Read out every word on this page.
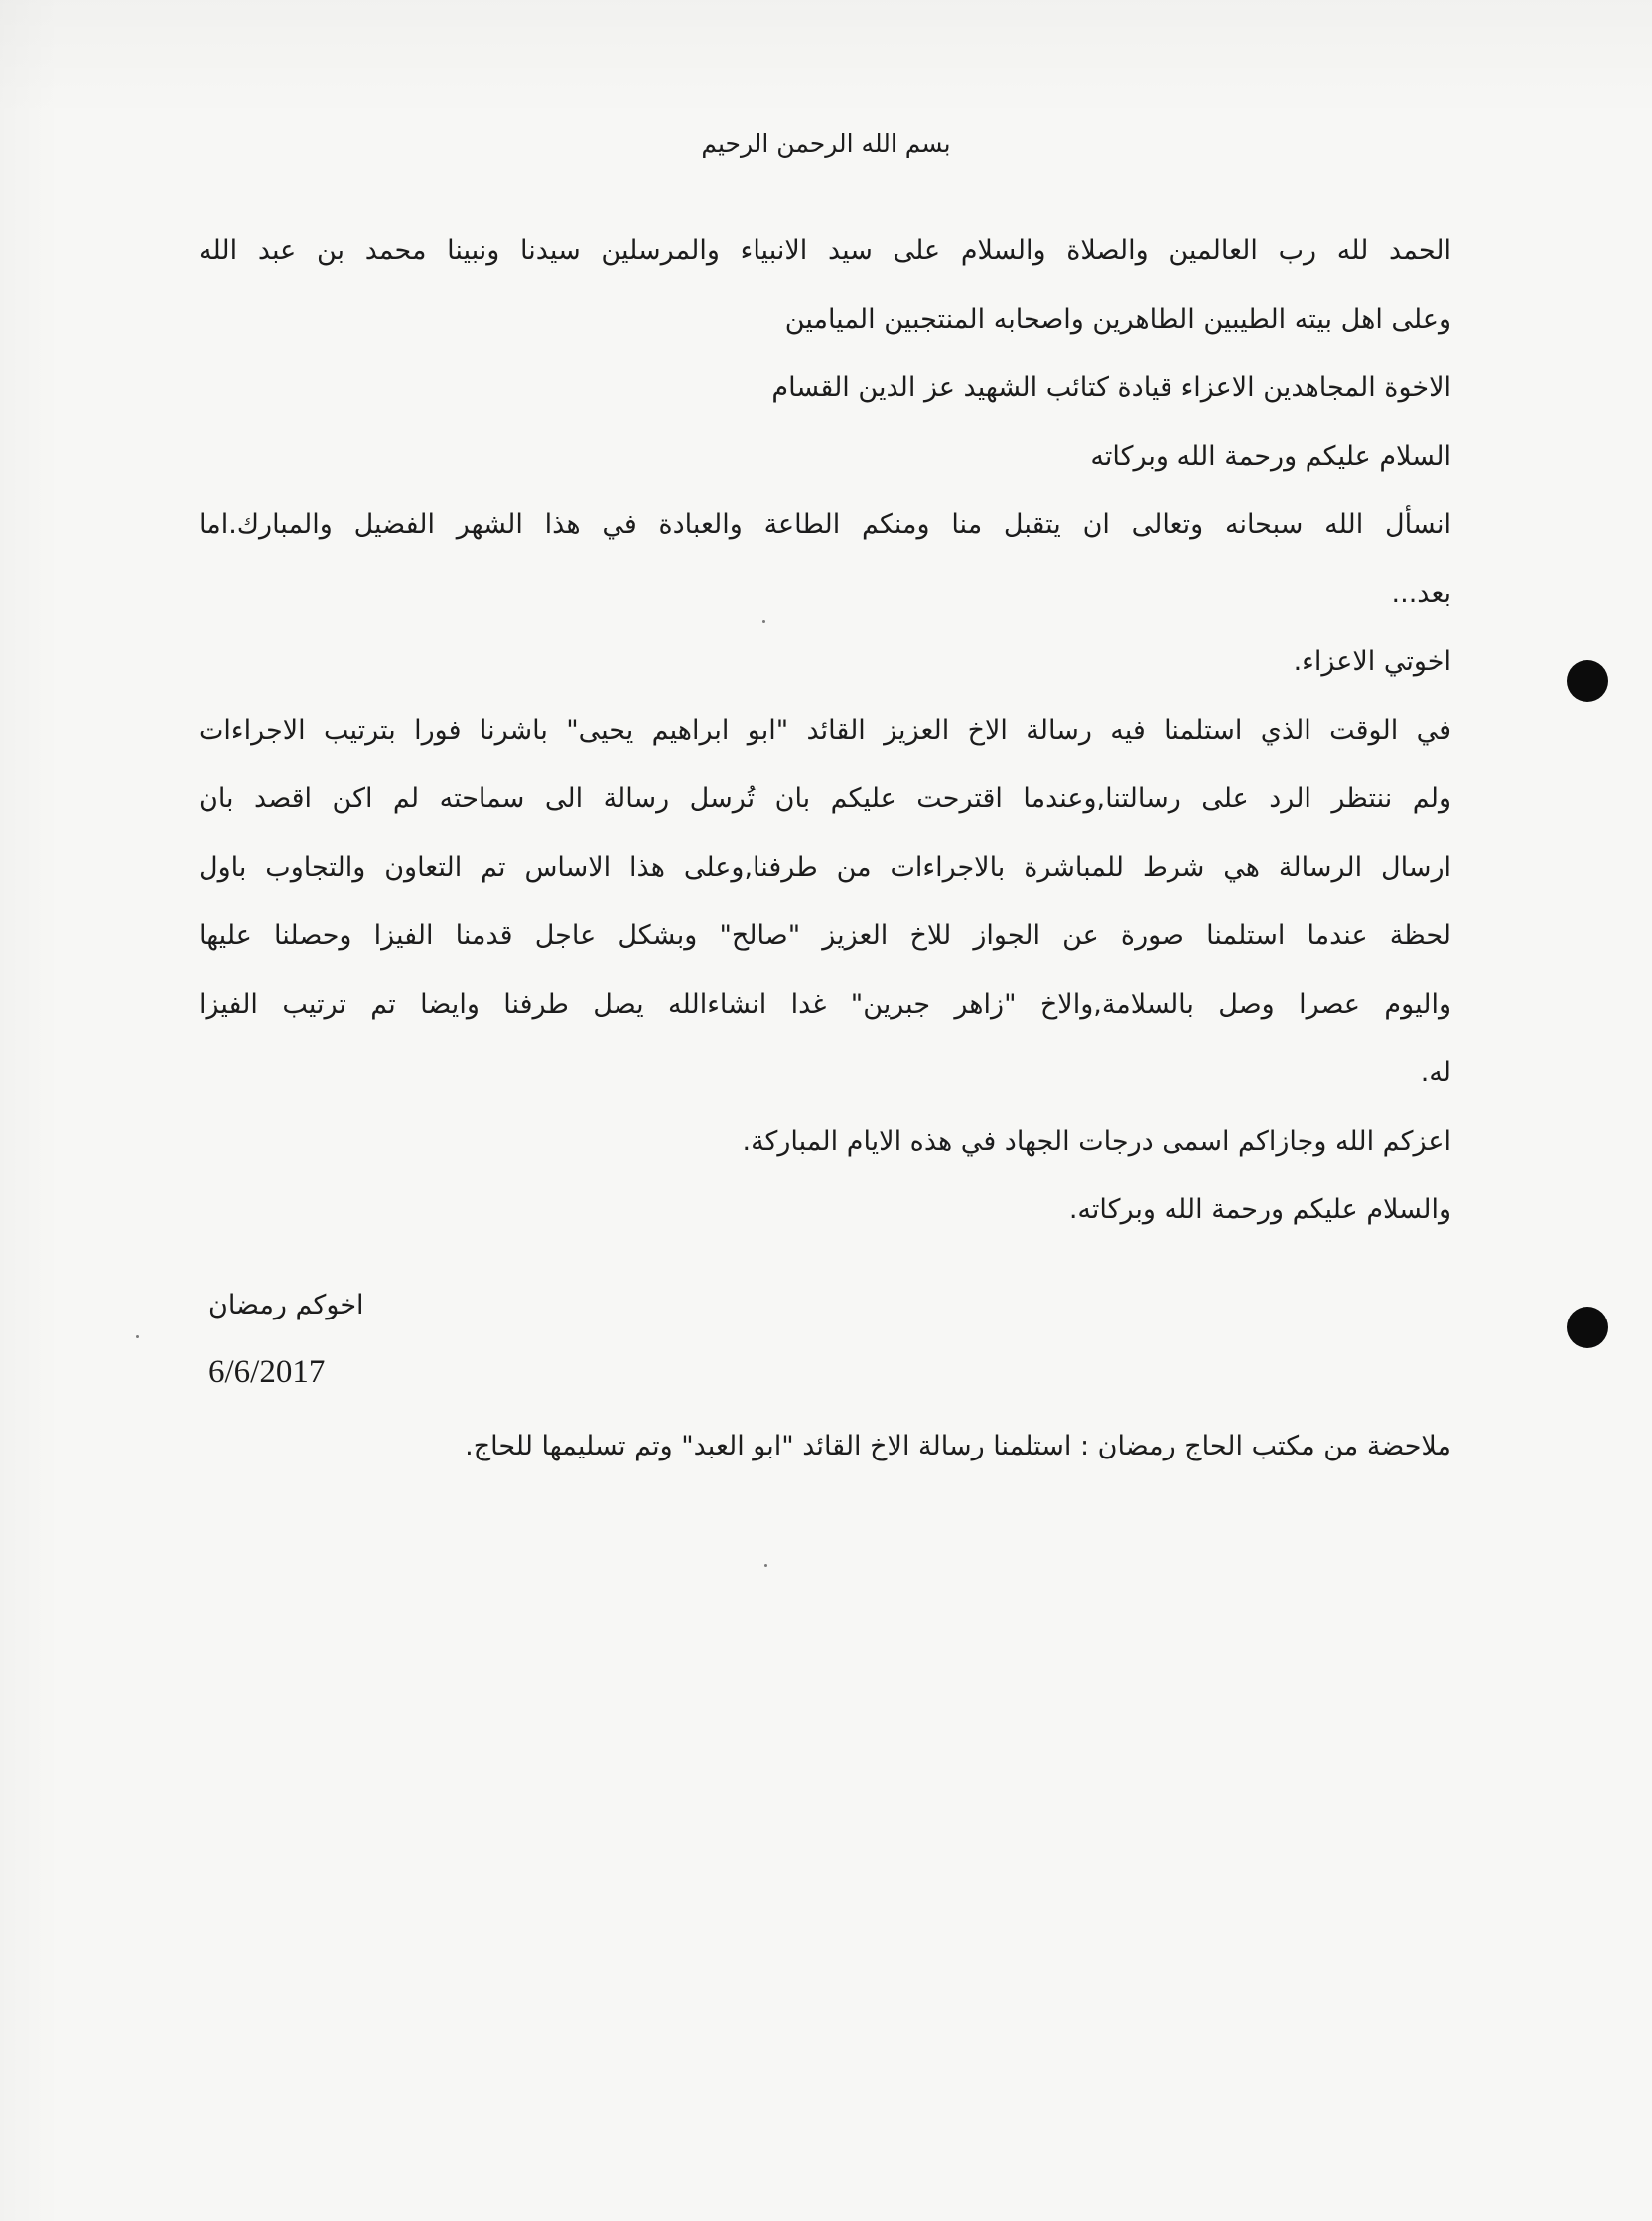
بسم الله الرحمن الرحيم

الحمد لله رب العالمين والصلاة والسلام على سيد الانبياء والمرسلين سيدنا ونبينا محمد بن عبد الله

وعلى اهل بيته الطيبين الطاهرين واصحابه المنتجبين الميامين

الاخوة المجاهدين الاعزاء قيادة كتائب الشهيد عز الدين القسام

السلام عليكم ورحمة الله وبركاته

انسأل الله سبحانه وتعالى ان يتقبل منا ومنكم الطاعة والعبادة في هذا الشهر الفضيل والمبارك.اما

بعد...

اخوتي الاعزاء.

في الوقت الذي استلمنا فيه رسالة الاخ العزيز القائد "ابو ابراهيم يحيى" باشرنا فورا بترتيب الاجراءات

ولم ننتظر الرد على رسالتنا,وعندما اقترحت عليكم بان تُرسل رسالة الى سماحته لم اكن اقصد بان

ارسال الرسالة هي شرط للمباشرة بالاجراءات من طرفنا,وعلى هذا الاساس تم التعاون والتجاوب باول

لحظة عندما استلمنا صورة عن الجواز للاخ العزيز "صالح" وبشكل عاجل قدمنا الفيزا وحصلنا عليها

واليوم عصرا وصل بالسلامة,والاخ "زاهر جبرين" غدا انشاءالله يصل طرفنا وايضا تم ترتيب الفيزا

له.

اعزكم الله وجازاكم اسمى درجات الجهاد في هذه الايام المباركة.

والسلام عليكم ورحمة الله وبركاته.

اخوكم رمضان
6/6/2017
ملاحضة من مكتب الحاج رمضان : استلمنا رسالة الاخ القائد "ابو العبد" وتم تسليمها للحاج.
